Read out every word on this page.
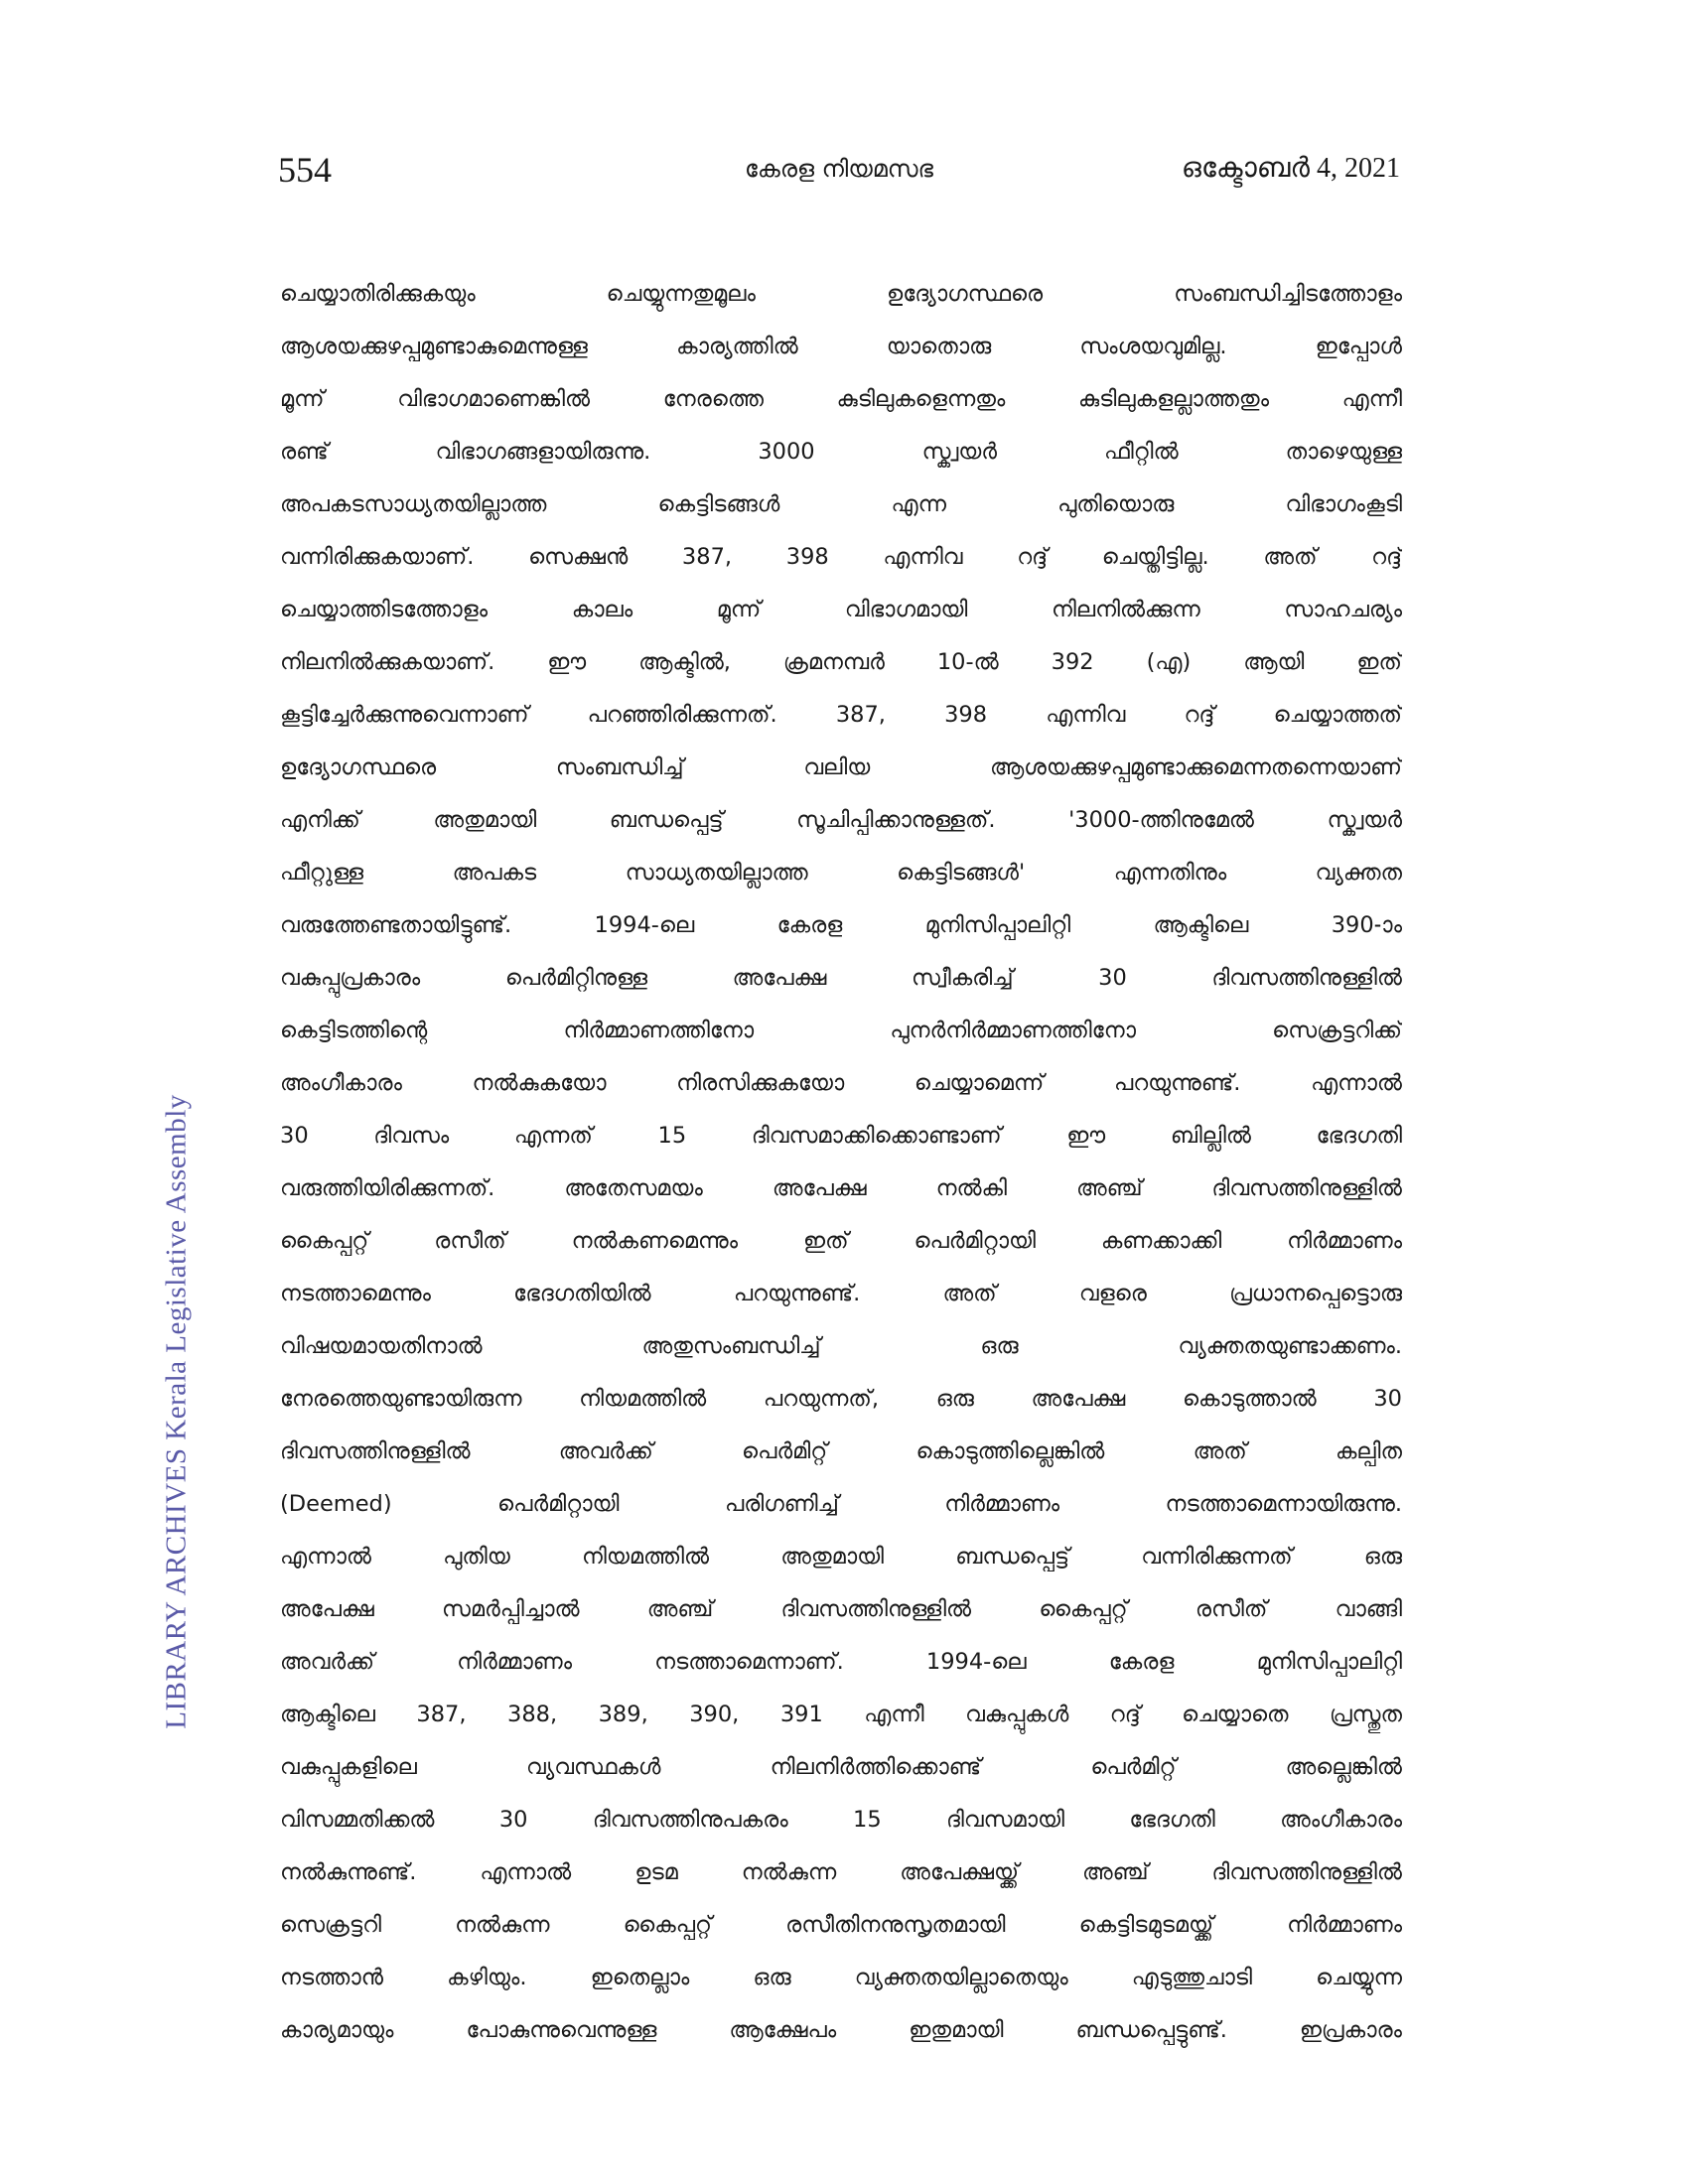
554	കേരള നിയമസഭ	ഒക്ടോബർ 4, 2021
LIBRARY ARCHIVES Kerala Legislative Assembly
ചെയ്യാതിരിക്കുകയും ചെയ്യുന്നതുമൂലം ഉദ്യോഗസ്ഥരെ സംബന്ധിച്ചിടത്തോളം
ആശയക്കുഴപ്പമുണ്ടാകുമെന്നുള്ള കാര്യത്തിൽ യാതൊരു സംശയവുമില്ല. ഇപ്പോൾ
മൂന്ന് വിഭാഗമാണെങ്കിൽ നേരത്തെ കുടിലുകളെന്നതും കുടിലുകളല്ലാത്തതും എന്നീ
രണ്ട് വിഭാഗങ്ങളായിരുന്നു. 3000 സ്ക്വയർ ഫീറ്റിൽ താഴെയുള്ള
അപകടസാധ്യതയില്ലാത്ത കെട്ടിടങ്ങൾ എന്ന പുതിയൊരു വിഭാഗംകൂടി
വന്നിരിക്കുകയാണ്. സെക്ഷൻ 387, 398 എന്നിവ റദ്ദ് ചെയ്തിട്ടില്ല. അത് റദ്ദ്
ചെയ്യാത്തിടത്തോളം കാലം മൂന്ന് വിഭാഗമായി നിലനിൽക്കുന്ന സാഹചര്യം
നിലനിൽക്കുകയാണ്. ഈ ആക്ടിൽ, ക്രമനമ്പർ 10-ൽ 392 (എ) ആയി ഇത്
കൂട്ടിച്ചേർക്കുന്നുവെന്നാണ് പറഞ്ഞിരിക്കുന്നത്. 387, 398 എന്നിവ റദ്ദ് ചെയ്യാത്തത്
ഉദ്യോഗസ്ഥരെ സംബന്ധിച്ച് വലിയ ആശയക്കുഴപ്പമുണ്ടാക്കുമെന്നതന്നെയാണ്
എനിക്ക് അതുമായി ബന്ധപ്പെട്ട് സൂചിപ്പിക്കാനുള്ളത്. '3000-ത്തിനുമേൽ സ്ക്വയർ
ഫീറ്റുള്ള അപകട സാധ്യതയില്ലാത്ത കെട്ടിടങ്ങൾ' എന്നതിനും വ്യക്തത
വരുത്തേണ്ടതായിട്ടുണ്ട്. 1994-ലെ കേരള മുനിസിപ്പാലിറ്റി ആക്ടിലെ 390-ാം
വകുപ്പുപ്രകാരം പെർമിറ്റിനുള്ള അപേക്ഷ സ്വീകരിച്ച് 30 ദിവസത്തിനുള്ളിൽ
കെട്ടിടത്തിന്റെ നിർമ്മാണത്തിനോ പുനർനിർമ്മാണത്തിനോ സെക്രട്ടറിക്ക്
അംഗീകാരം നൽകുകയോ നിരസിക്കുകയോ ചെയ്യാമെന്ന് പറയുന്നുണ്ട്. എന്നാൽ
30 ദിവസം എന്നത് 15 ദിവസമാക്കിക്കൊണ്ടാണ് ഈ ബില്ലിൽ ഭേദഗതി
വരുത്തിയിരിക്കുന്നത്. അതേസമയം അപേക്ഷ നൽകി അഞ്ച് ദിവസത്തിനുള്ളിൽ
കൈപ്പറ്റ് രസീത് നൽകണമെന്നും ഇത് പെർമിറ്റായി കണക്കാക്കി നിർമ്മാണം
നടത്താമെന്നും ഭേദഗതിയിൽ പറയുന്നുണ്ട്. അത് വളരെ പ്രധാനപ്പെട്ടൊരു
വിഷയമായതിനാൽ അതുസംബന്ധിച്ച് ഒരു വ്യക്തതയുണ്ടാക്കണം.
നേരത്തെയുണ്ടായിരുന്ന നിയമത്തിൽ പറയുന്നത്, ഒരു അപേക്ഷ കൊടുത്താൽ 30
ദിവസത്തിനുള്ളിൽ അവർക്ക് പെർമിറ്റ് കൊടുത്തില്ലെങ്കിൽ അത് കല്പിത
(Deemed) പെർമിറ്റായി പരിഗണിച്ച് നിർമ്മാണം നടത്താമെന്നായിരുന്നു.
എന്നാൽ പുതിയ നിയമത്തിൽ അതുമായി ബന്ധപ്പെട്ട് വന്നിരിക്കുന്നത് ഒരു
അപേക്ഷ സമർപ്പിച്ചാൽ അഞ്ച് ദിവസത്തിനുള്ളിൽ കൈപ്പറ്റ് രസീത് വാങ്ങി
അവർക്ക് നിർമ്മാണം നടത്താമെന്നാണ്. 1994-ലെ കേരള മുനിസിപ്പാലിറ്റി
ആക്ടിലെ 387, 388, 389, 390, 391 എന്നീ വകുപ്പുകൾ റദ്ദ് ചെയ്യാതെ പ്രസ്തുത
വകുപ്പുകളിലെ വ്യവസ്ഥകൾ നിലനിർത്തിക്കൊണ്ട് പെർമിറ്റ് അല്ലെങ്കിൽ
വിസമ്മതിക്കൽ 30 ദിവസത്തിനുപകരം 15 ദിവസമായി ഭേദഗതി അംഗീകാരം
നൽകുന്നുണ്ട്. എന്നാൽ ഉടമ നൽകുന്ന അപേക്ഷയ്ക്ക് അഞ്ച് ദിവസത്തിനുള്ളിൽ
സെക്രട്ടറി നൽകുന്ന കൈപ്പറ്റ് രസീതിനനുസൃതമായി കെട്ടിടമുടമയ്ക്ക് നിർമ്മാണം
നടത്താൻ കഴിയും. ഇതെല്ലാം ഒരു വ്യക്തതയില്ലാതെയും എടുത്തുചാടി ചെയ്യുന്ന
കാര്യമായും പോകുന്നുവെന്നുള്ള ആക്ഷേപം ഇതുമായി ബന്ധപ്പെട്ടുണ്ട്. ഇപ്രകാരം
